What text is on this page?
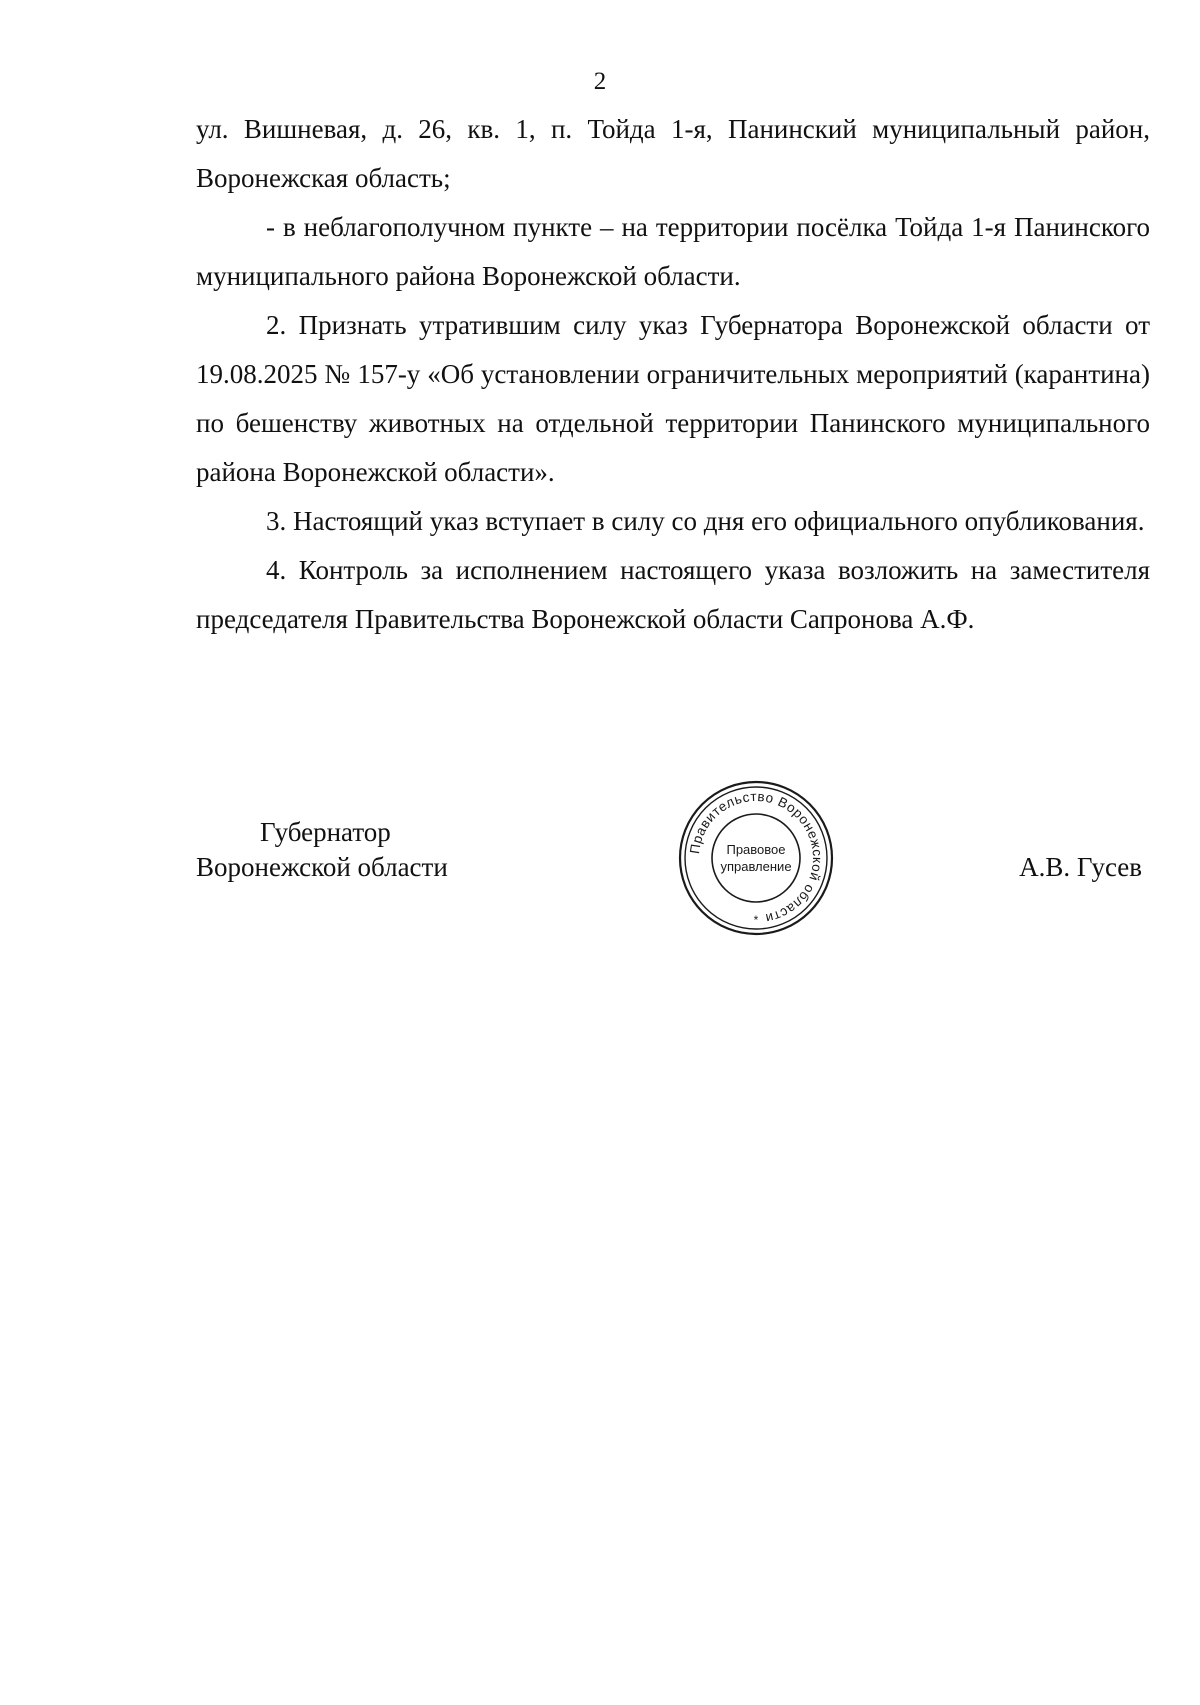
2

ул. Вишневая, д. 26, кв. 1, п. Тойда 1-я, Панинский муниципальный район,

Воронежская область;

- в неблагополучном пункте – на территории посёлка Тойда 1-я Панинского муниципального района Воронежской области.

2. Признать утратившим силу указ Губернатора Воронежской области от 19.08.2025 № 157-у «Об установлении ограничительных мероприятий (карантина) по бешенству животных на отдельной территории Панинского муниципального района Воронежской области».

3. Настоящий указ вступает в силу со дня его официального опубликования.

4. Контроль за исполнением настоящего указа возложить на заместителя председателя Правительства Воронежской области Сапронова А.Ф.

Губернатор
Воронежской области	А.В. Гусев
Правительство Воронежской области
Правовое
управление
*
